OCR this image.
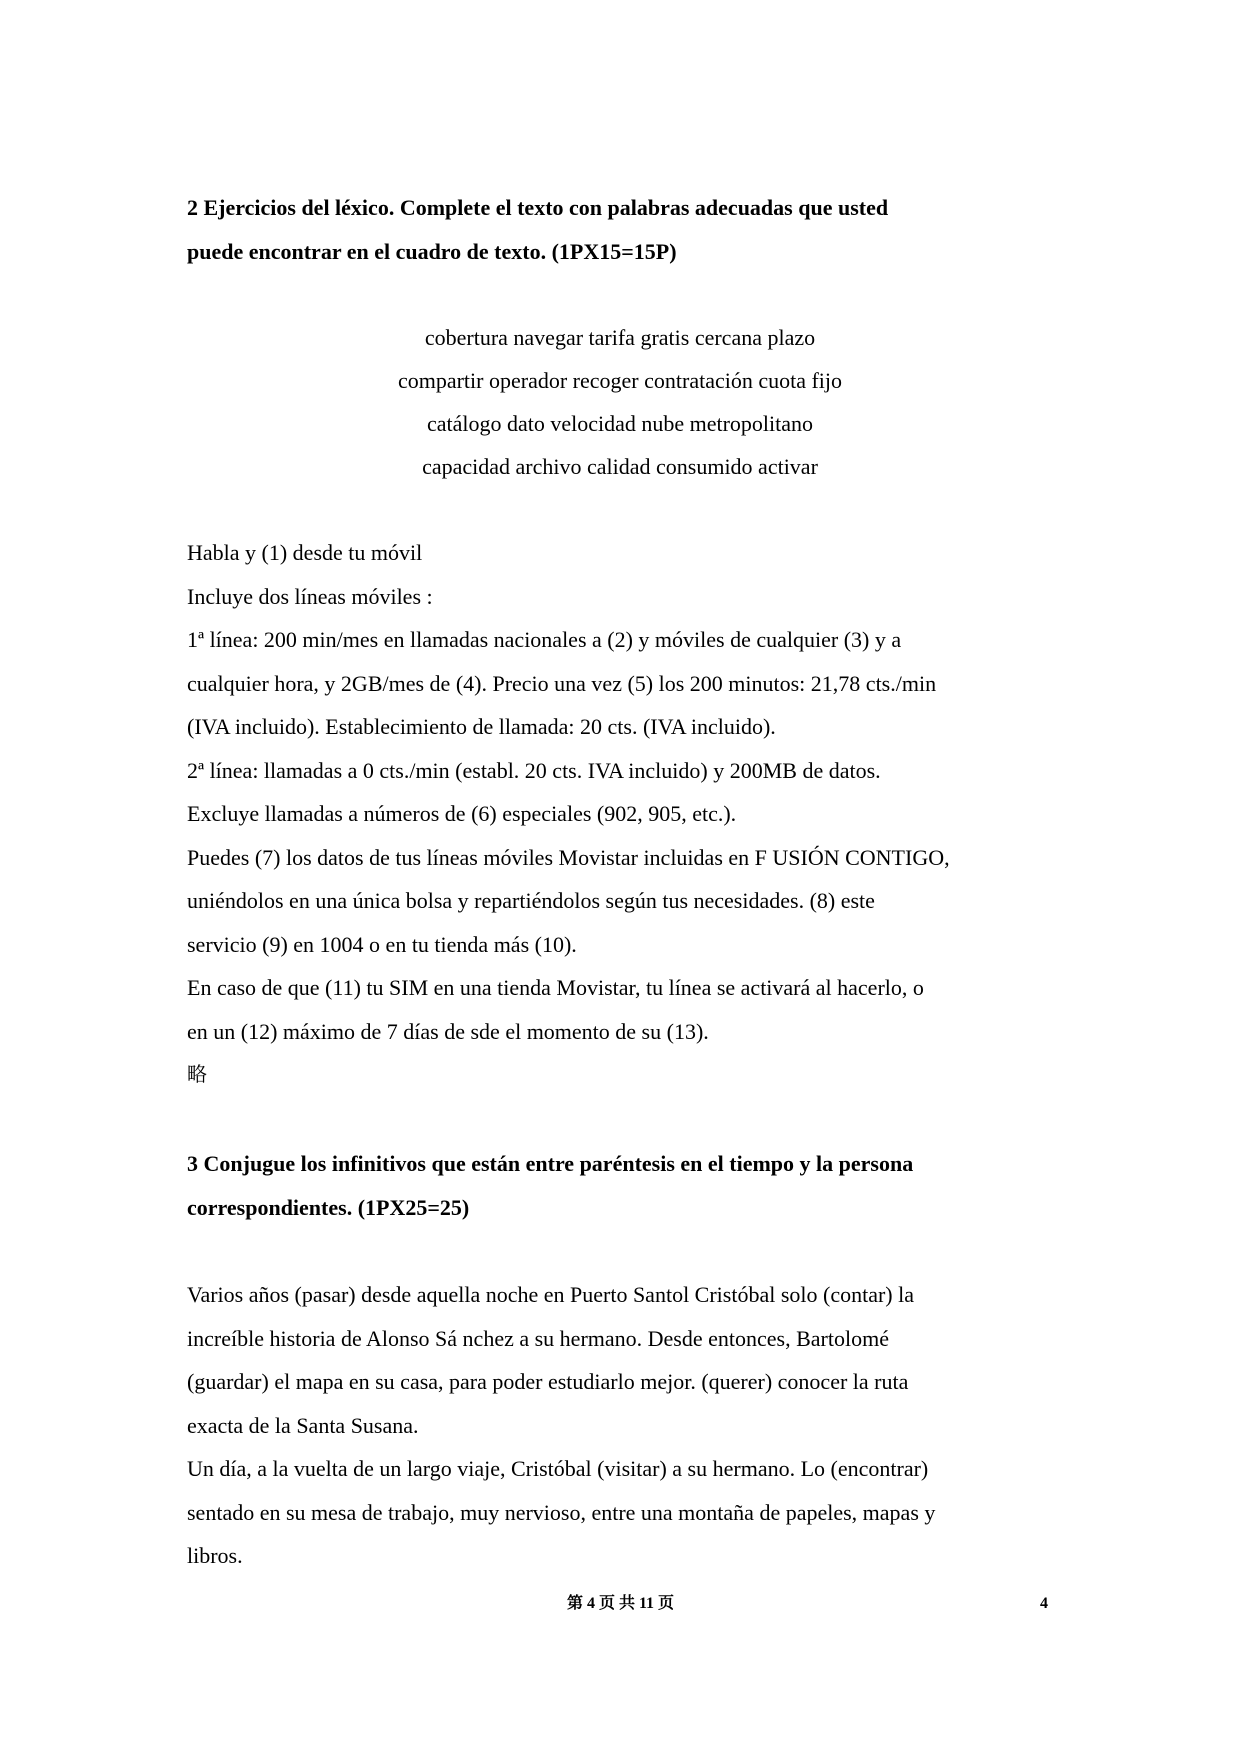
2 Ejercicios del léxico. Complete el texto con palabras adecuadas que usted
puede encontrar en el cuadro de texto. (1PX15=15P)
cobertura navegar tarifa gratis cercana plazo
compartir operador recoger contratación cuota fijo
catálogo dato velocidad nube metropolitano
capacidad archivo calidad consumido activar
Habla y (1) desde tu móvil
Incluye dos líneas móviles :
1ª línea: 200 min/mes en llamadas nacionales a (2) y móviles de cualquier (3) y a
cualquier hora, y 2GB/mes de (4). Precio una vez (5) los 200 minutos: 21,78 cts./min
(IVA incluido). Establecimiento de llamada: 20 cts. (IVA incluido).
2ª línea: llamadas a 0 cts./min (establ. 20 cts. IVA incluido) y 200MB de datos.
Excluye llamadas a números de (6) especiales (902, 905, etc.).
Puedes (7) los datos de tus líneas móviles Movistar incluidas en F USIÓN CONTIGO,
uniéndolos en una única bolsa y repartiéndolos según tus necesidades. (8) este
servicio (9) en 1004 o en tu tienda más (10).
En caso de que (11) tu SIM en una tienda Movistar, tu línea se activará al hacerlo, o
en un (12) máximo de 7 días de sde el momento de su (13).
略
3 Conjugue los infinitivos que están entre paréntesis en el tiempo y la persona
correspondientes. (1PX25=25)
Varios años (pasar) desde aquella noche en Puerto Santol Cristóbal solo (contar) la
increíble historia de Alonso Sá nchez a su hermano. Desde entonces, Bartolomé
(guardar) el mapa en su casa, para poder estudiarlo mejor. (querer) conocer la ruta
exacta de la Santa Susana.
Un día, a la vuelta de un largo viaje, Cristóbal (visitar) a su hermano. Lo (encontrar)
sentado en su mesa de trabajo, muy nervioso, entre una montaña de papeles, mapas y
libros.
第 4 页 共 11 页	4
